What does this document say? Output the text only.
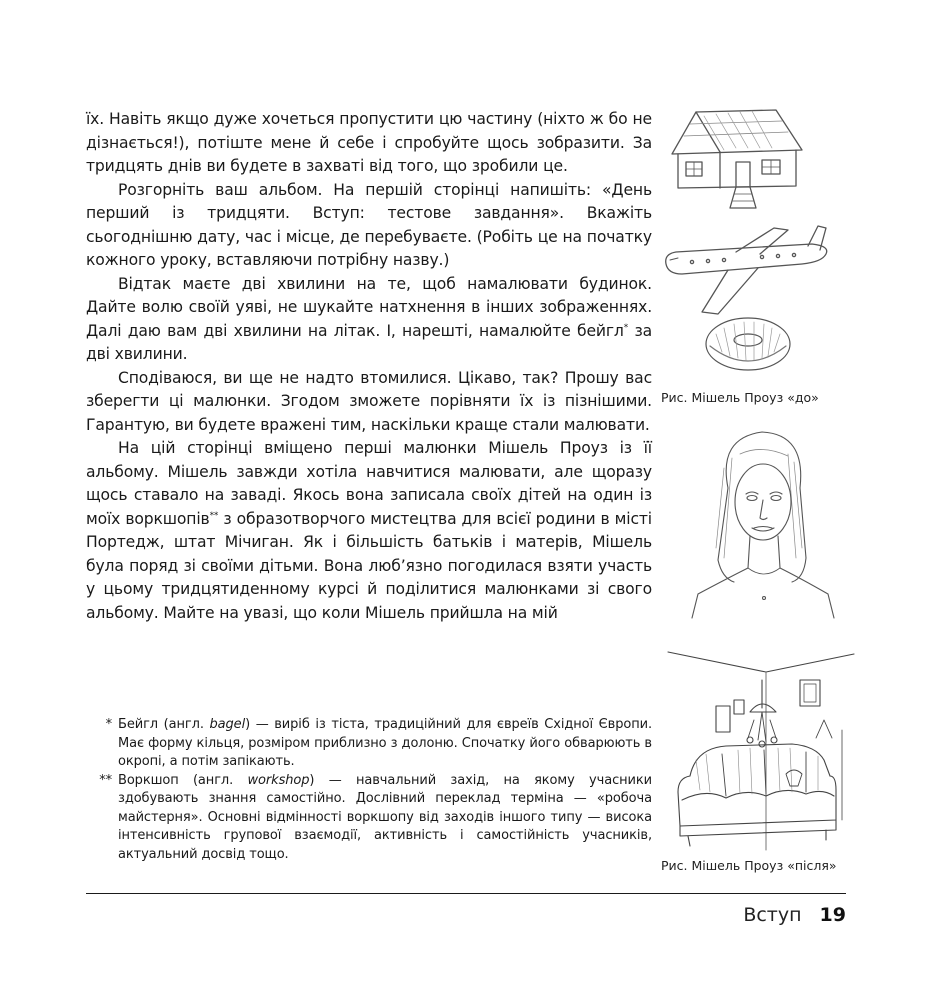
їх. Навіть якщо дуже хочеться пропустити цю частину (ніхто ж бо не дізнається!), потіште мене й себе і спробуйте щось зобразити. За тридцять днів ви будете в захваті від того, що зробили це.

Розгорніть ваш альбом. На першій сторінці напишіть: «День перший із тридцяти. Вступ: тестове завдання». Вкажіть сьогоднішню дату, час і місце, де перебуваєте. (Робіть це на початку кожного уроку, вставляючи потрібну назву.)

Відтак маєте дві хвилини на те, щоб намалювати будинок. Дайте волю своїй уяві, не шукайте натхнення в інших зображеннях. Далі даю вам дві хвилини на літак. І, нарешті, намалюйте бейгл* за дві хвилини.

Сподіваюся, ви ще не надто втомилися. Цікаво, так? Прошу вас зберегти ці малюнки. Згодом зможете порівняти їх із пізнішими. Гарантую, ви будете вражені тим, наскільки краще стали малювати.

На цій сторінці вміщено перші малюнки Мішель Проуз із її альбому. Мішель завжди хотіла навчитися малювати, але щоразу щось ставало на заваді. Якось вона записала своїх дітей на один із моїх воркшопів** з образотворчого мистецтва для всієї родини в місті Портедж, штат Мічиган. Як і більшість батьків і матерів, Мішель була поряд зі своїми дітьми. Вона люб’язно погодилася взяти участь у цьому тридцятиденному курсі й поділитися малюнками зі свого альбому. Майте на увазі, що коли Мішель прийшла на мій

* Бейгл (англ. bagel) — виріб із тіста, традиційний для євреїв Східної Європи. Має форму кільця, розміром приблизно з долоню. Спочатку його обварюють в окропі, а потім запікають.
** Воркшоп (англ. workshop) — навчальний захід, на якому учасники здобувають знання самостійно. Дослівний переклад терміна — «робоча майстерня». Основні відмінності воркшопу від заходів іншого типу — висока інтенсивність групової взаємодії, активність і самостійність учасників, актуальний досвід тощо.
Рис. Мішель Проуз «до»
Рис. Мішель Проуз «після»
Вступ 19
